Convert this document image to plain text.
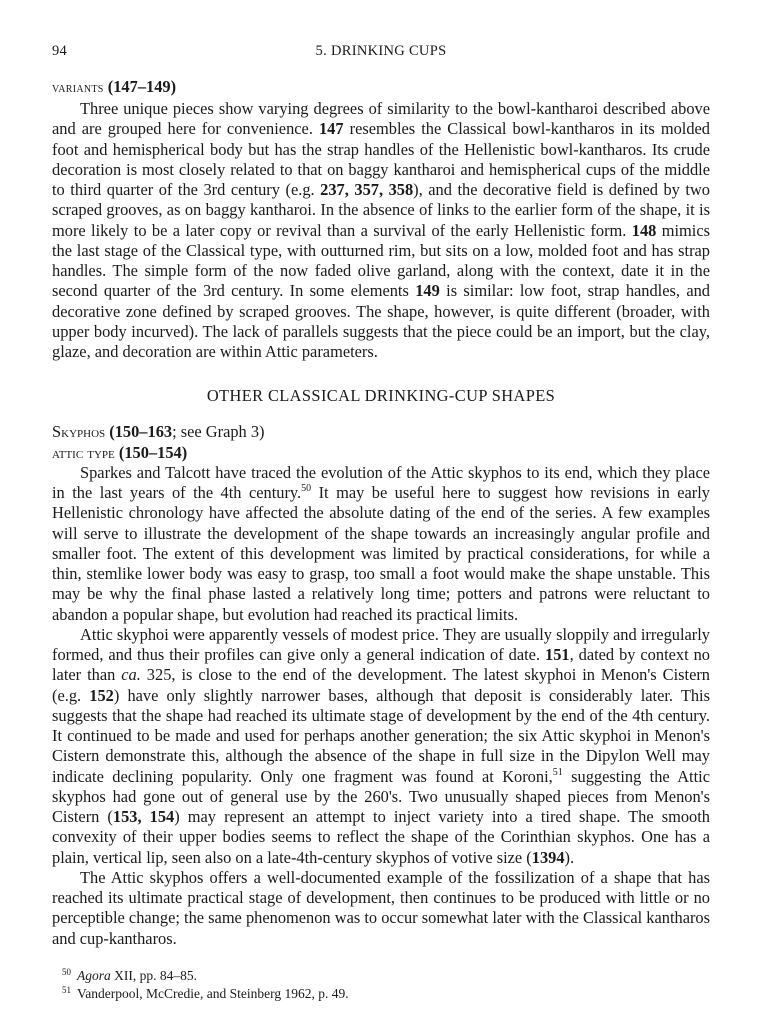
94	5. DRINKING CUPS

variants (147–149)

Three unique pieces show varying degrees of similarity to the bowl-kantharoi described above and are grouped here for convenience. 147 resembles the Classical bowl-kantharos in its molded foot and hemispherical body but has the strap handles of the Hellenistic bowl-kantharos. Its crude decoration is most closely related to that on baggy kantharoi and hemispherical cups of the middle to third quarter of the 3rd century (e.g. 237, 357, 358), and the decorative field is defined by two scraped grooves, as on baggy kantharoi. In the absence of links to the earlier form of the shape, it is more likely to be a later copy or revival than a survival of the early Hellenistic form. 148 mimics the last stage of the Classical type, with outturned rim, but sits on a low, molded foot and has strap handles. The simple form of the now faded olive garland, along with the context, date it in the second quarter of the 3rd century. In some elements 149 is similar: low foot, strap handles, and decorative zone defined by scraped grooves. The shape, however, is quite different (broader, with upper body incurved). The lack of parallels suggests that the piece could be an import, but the clay, glaze, and decoration are within Attic parameters.

OTHER CLASSICAL DRINKING-CUP SHAPES

Skyphos (150–163; see Graph 3)

attic type (150–154)

Sparkes and Talcott have traced the evolution of the Attic skyphos to its end, which they place in the last years of the 4th century.$^{50}$ It may be useful here to suggest how revisions in early Hellenistic chronology have affected the absolute dating of the end of the series. A few examples will serve to illustrate the development of the shape towards an increasingly angular profile and smaller foot. The extent of this development was limited by practical considerations, for while a thin, stemlike lower body was easy to grasp, too small a foot would make the shape unstable. This may be why the final phase lasted a relatively long time; potters and patrons were reluctant to abandon a popular shape, but evolution had reached its practical limits.

Attic skyphoi were apparently vessels of modest price. They are usually sloppily and irregularly formed, and thus their profiles can give only a general indication of date. 151, dated by context no later than ca. 325, is close to the end of the development. The latest skyphoi in Menon's Cistern (e.g. 152) have only slightly narrower bases, although that deposit is considerably later. This suggests that the shape had reached its ultimate stage of development by the end of the 4th century. It continued to be made and used for perhaps another generation; the six Attic skyphoi in Menon's Cistern demonstrate this, although the absence of the shape in full size in the Dipylon Well may indicate declining popularity. Only one fragment was found at Koroni,$^{51}$ suggesting the Attic skyphos had gone out of general use by the 260's. Two unusually shaped pieces from Menon's Cistern (153, 154) may represent an attempt to inject variety into a tired shape. The smooth convexity of their upper bodies seems to reflect the shape of the Corinthian skyphos. One has a plain, vertical lip, seen also on a late-4th-century skyphos of votive size (1394).

The Attic skyphos offers a well-documented example of the fossilization of a shape that has reached its ultimate practical stage of development, then continues to be produced with little or no perceptible change; the same phenomenon was to occur somewhat later with the Classical kantharos and cup-kantharos.

$^{50}$ Agora XII, pp. 84–85.

$^{51}$ Vanderpool, McCredie, and Steinberg 1962, p. 49.
